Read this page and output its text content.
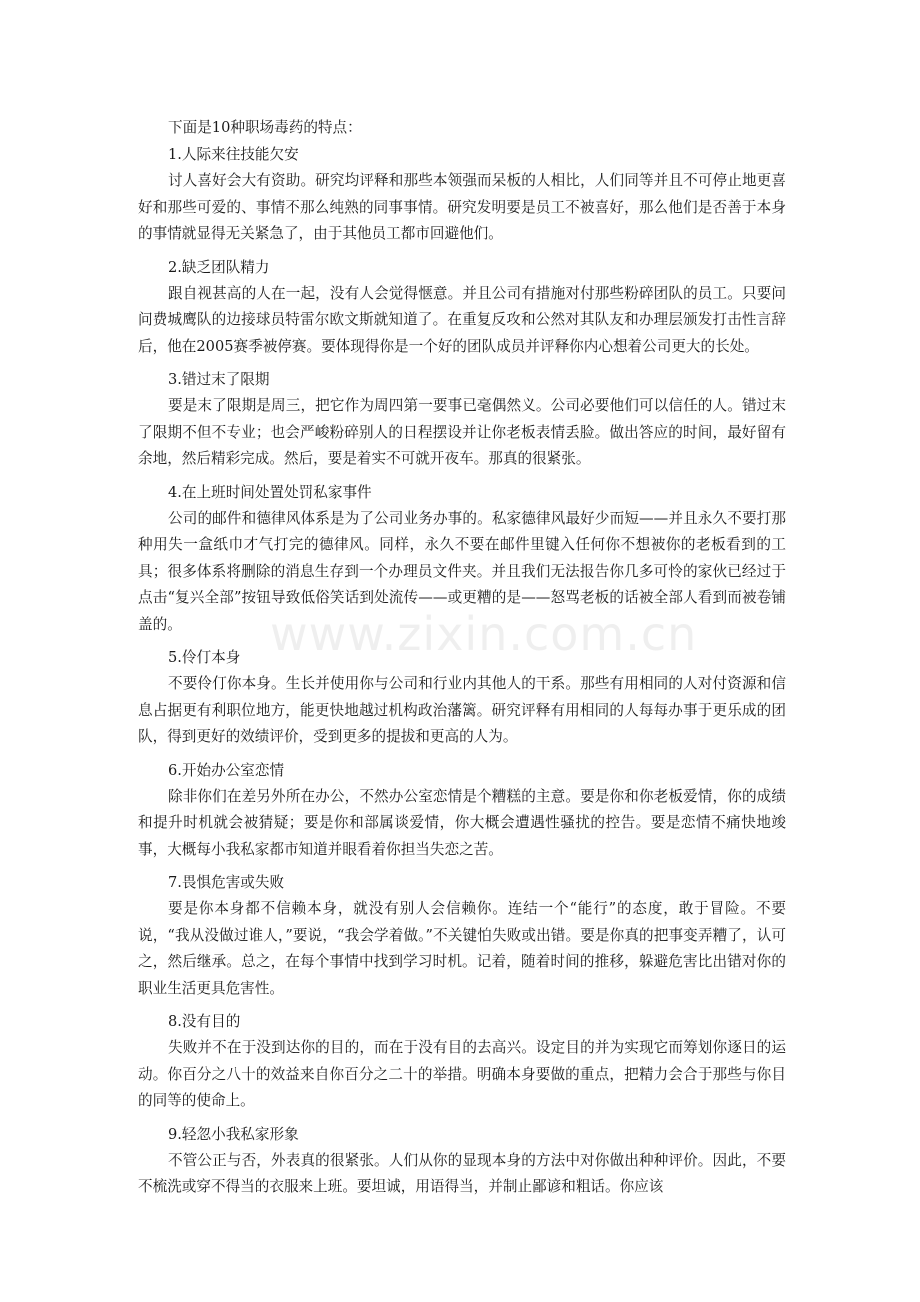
下面是10种职场毒药的特点：

1.人际来往技能欠安

讨人喜好会大有资助。研究均评释和那些本领强而呆板的人相比，人们同等并且不可停止地更喜好和那些可爱的、事情不那么纯熟的同事事情。研究发明要是员工不被喜好，那么他们是否善于本身的事情就显得无关紧急了，由于其他员工都市回避他们。

2.缺乏团队精力

跟自视甚高的人在一起，没有人会觉得惬意。并且公司有措施对付那些粉碎团队的员工。只要问问费城鹰队的边接球员特雷尔欧文斯就知道了。在重复反攻和公然对其队友和办理层颁发打击性言辞后，他在2005赛季被停赛。要体现得你是一个好的团队成员并评释你内心想着公司更大的长处。

3.错过末了限期

要是末了限期是周三，把它作为周四第一要事已毫偶然义。公司必要他们可以信任的人。错过末了限期不但不专业；也会严峻粉碎别人的日程摆设并让你老板表情丢脸。做出答应的时间，最好留有余地，然后精彩完成。然后，要是着实不可就开夜车。那真的很紧张。

4.在上班时间处置处罚私家事件

公司的邮件和德律风体系是为了公司业务办事的。私家德律风最好少而短——并且永久不要打那种用失一盒纸巾才气打完的德律风。同样，永久不要在邮件里键入任何你不想被你的老板看到的工具；很多体系将删除的消息生存到一个办理员文件夹。并且我们无法报告你几多可怜的家伙已经过于点击“复兴全部”按钮导致低俗笑话到处流传——或更糟的是——怒骂老板的话被全部人看到而被卷铺盖的。

5.伶仃本身

不要伶仃你本身。生长并使用你与公司和行业内其他人的干系。那些有用相同的人对付资源和信息占据更有利职位地方，能更快地越过机构政治藩篱。研究评释有用相同的人每每办事于更乐成的团队，得到更好的效绩评价，受到更多的提拔和更高的人为。

6.开始办公室恋情

除非你们在差另外所在办公，不然办公室恋情是个糟糕的主意。要是你和你老板爱情，你的成绩和提升时机就会被猜疑；要是你和部属谈爱情，你大概会遭遇性骚扰的控告。要是恋情不痛快地竣事，大概每小我私家都市知道并眼看着你担当失恋之苦。

7.畏惧危害或失败

要是你本身都不信赖本身，就没有别人会信赖你。连结一个“能行”的态度，敢于冒险。不要说，“我从没做过谁人，”要说，“我会学着做。”不关键怕失败或出错。要是你真的把事变弄糟了，认可之，然后继承。总之，在每个事情中找到学习时机。记着，随着时间的推移，躲避危害比出错对你的职业生活更具危害性。

8.没有目的

失败并不在于没到达你的目的，而在于没有目的去高兴。设定目的并为实现它而筹划你逐日的运动。你百分之八十的效益来自你百分之二十的举措。明确本身要做的重点，把精力会合于那些与你目的同等的使命上。

9.轻忽小我私家形象

不管公正与否，外表真的很紧张。人们从你的显现本身的方法中对你做出种种评价。因此，不要不梳洗或穿不得当的衣服来上班。要坦诚，用语得当，并制止鄙谚和粗话。你应该

www.zixin.com.cn
